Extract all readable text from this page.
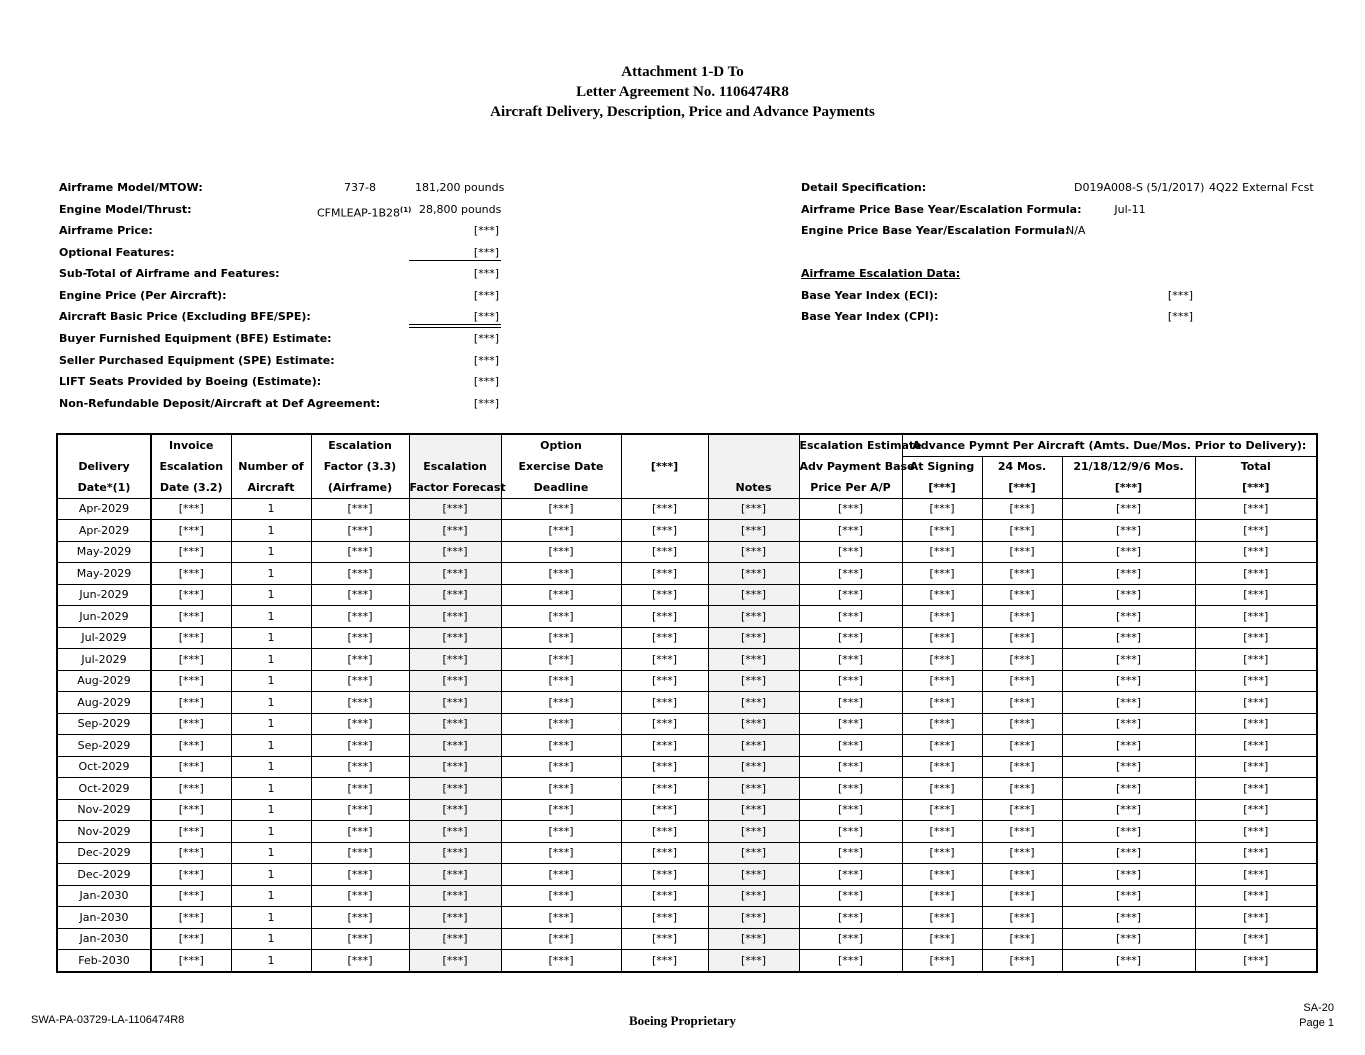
Attachment 1-D To
Letter Agreement No. 1106474R8
Aircraft Delivery, Description, Price and Advance Payments
Airframe Model/MTOW:	737-8	181,200 pounds
Engine Model/Thrust:	CFMLEAP-1B28$^{(1)}$ 28,800 pounds
Airframe Price:	[***]
Optional Features:	[***]
Sub-Total of Airframe and Features:	[***]
Engine Price (Per Aircraft):	[***]
Aircraft Basic Price (Excluding BFE/SPE):	[***]
Buyer Furnished Equipment (BFE) Estimate:	[***]
Seller Purchased Equipment (SPE) Estimate:	[***]
LIFT Seats Provided by Boeing (Estimate):	[***]
Non-Refundable Deposit/Aircraft at Def Agreement:	[***]
Detail Specification:	D019A008-S (5/1/2017) 4Q22 External Fcst
Airframe Price Base Year/Escalation Formula:	Jul-11
Engine Price Base Year/Escalation Formula:
N/A
Airframe Escalation Data:
Base Year Index (ECI):	[***]
Base Year Index (CPI):	[***]
	Invoice		Escalation		Option			Escalation Estimate	Advance Pymnt Per Aircraft (Amts. Due/Mos. Prior to Delivery):			
Delivery	Escalation	Number of	Factor (3.3)	Escalation	Exercise Date	[***]		Adv Payment Base	At Signing	24 Mos.	21/18/12/9/6 Mos.	Total
Date*(1)	Date (3.2)	Aircraft	(Airframe)	Factor Forecast	Deadline		Notes	Price Per A/P	[***]	[***]	[***]	[***]
Apr-2029	[***]	1	[***]	[***]	[***]	[***]	[***]	[***]	[***]	[***]	[***]	[***]
Apr-2029	[***]	1	[***]	[***]	[***]	[***]	[***]	[***]	[***]	[***]	[***]	[***]
May-2029	[***]	1	[***]	[***]	[***]	[***]	[***]	[***]	[***]	[***]	[***]	[***]
May-2029	[***]	1	[***]	[***]	[***]	[***]	[***]	[***]	[***]	[***]	[***]	[***]
Jun-2029	[***]	1	[***]	[***]	[***]	[***]	[***]	[***]	[***]	[***]	[***]	[***]
Jun-2029	[***]	1	[***]	[***]	[***]	[***]	[***]	[***]	[***]	[***]	[***]	[***]
Jul-2029	[***]	1	[***]	[***]	[***]	[***]	[***]	[***]	[***]	[***]	[***]	[***]
Jul-2029	[***]	1	[***]	[***]	[***]	[***]	[***]	[***]	[***]	[***]	[***]	[***]
Aug-2029	[***]	1	[***]	[***]	[***]	[***]	[***]	[***]	[***]	[***]	[***]	[***]
Aug-2029	[***]	1	[***]	[***]	[***]	[***]	[***]	[***]	[***]	[***]	[***]	[***]
Sep-2029	[***]	1	[***]	[***]	[***]	[***]	[***]	[***]	[***]	[***]	[***]	[***]
Sep-2029	[***]	1	[***]	[***]	[***]	[***]	[***]	[***]	[***]	[***]	[***]	[***]
Oct-2029	[***]	1	[***]	[***]	[***]	[***]	[***]	[***]	[***]	[***]	[***]	[***]
Oct-2029	[***]	1	[***]	[***]	[***]	[***]	[***]	[***]	[***]	[***]	[***]	[***]
Nov-2029	[***]	1	[***]	[***]	[***]	[***]	[***]	[***]	[***]	[***]	[***]	[***]
Nov-2029	[***]	1	[***]	[***]	[***]	[***]	[***]	[***]	[***]	[***]	[***]	[***]
Dec-2029	[***]	1	[***]	[***]	[***]	[***]	[***]	[***]	[***]	[***]	[***]	[***]
Dec-2029	[***]	1	[***]	[***]	[***]	[***]	[***]	[***]	[***]	[***]	[***]	[***]
Jan-2030	[***]	1	[***]	[***]	[***]	[***]	[***]	[***]	[***]	[***]	[***]	[***]
Jan-2030	[***]	1	[***]	[***]	[***]	[***]	[***]	[***]	[***]	[***]	[***]	[***]
Jan-2030	[***]	1	[***]	[***]	[***]	[***]	[***]	[***]	[***]	[***]	[***]	[***]
Feb-2030	[***]	1	[***]	[***]	[***]	[***]	[***]	[***]	[***]	[***]	[***]	[***]
SWA-PA-03729-LA-1106474R8	Boeing Proprietary
SA-20
Page 1
